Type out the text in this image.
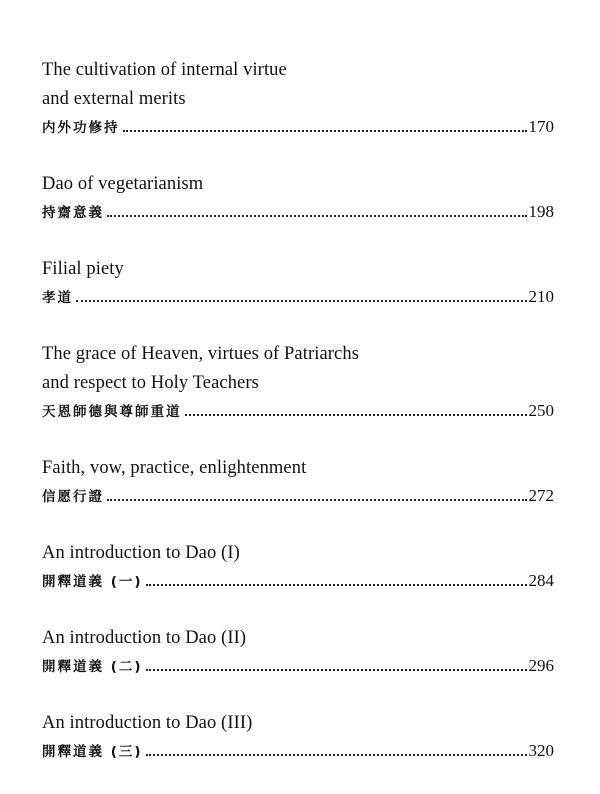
The cultivation of internal virtue
and external merits
内外功修持	170
Dao of vegetarianism
持齋意義	198
Filial piety
孝道	210
The grace of Heaven, virtues of Patriarchs
and respect to Holy Teachers
天恩師德與尊師重道	250
Faith, vow, practice, enlightenment
信愿行證	272
An introduction to Dao (I)
開釋道義 (一)	284
An introduction to Dao (II)
開釋道義 (二)	296
An introduction to Dao (III)
開釋道義 (三)	320
